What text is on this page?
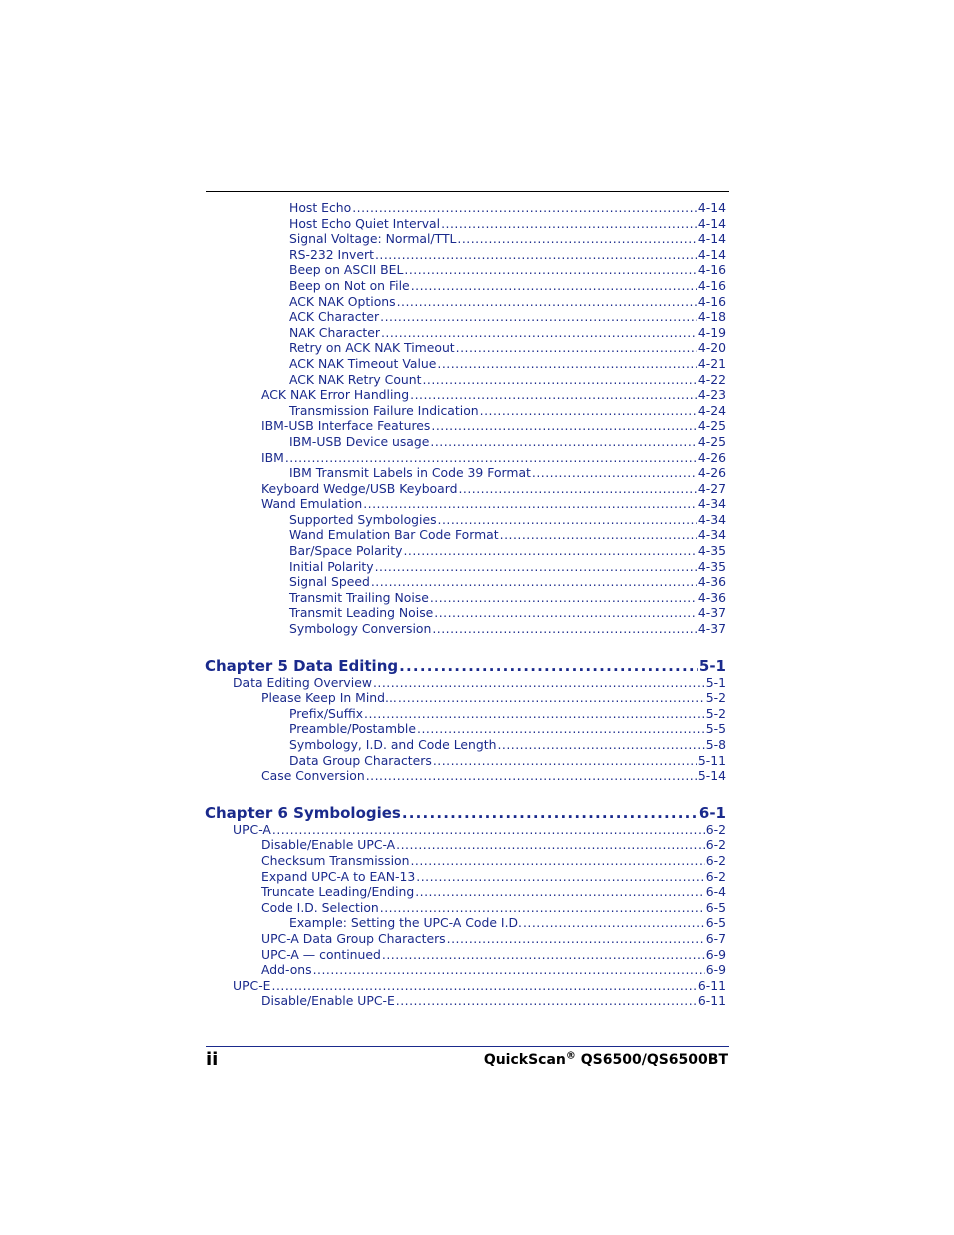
Host Echo .....	4-14
Host Echo Quiet Interval .....	4-14
Signal Voltage: Normal/TTL .....	4-14
RS-232 Invert .....	4-14
Beep on ASCII BEL .....	4-16
Beep on Not on File .....	4-16
ACK NAK Options .....	4-16
ACK Character .....	4-18
NAK Character .....	4-19
Retry on ACK NAK Timeout .....	4-20
ACK NAK Timeout Value .....	4-21
ACK NAK Retry Count .....	4-22
ACK NAK Error Handling .....	4-23
Transmission Failure Indication .....	4-24
IBM-USB Interface Features .....	4-25
IBM-USB Device usage .....	4-25
IBM .....	4-26
IBM Transmit Labels in Code 39 Format .....	4-26
Keyboard Wedge/USB Keyboard .....	4-27
Wand Emulation .....	4-34
Supported Symbologies .....	4-34
Wand Emulation Bar Code Format .....	4-34
Bar/Space Polarity .....	4-35
Initial Polarity .....	4-35
Signal Speed .....	4-36
Transmit Trailing Noise .....	4-36
Transmit Leading Noise .....	4-37
Symbology Conversion .....	4-37
Chapter 5 Data Editing .....	5-1
Data Editing Overview .....	5-1
Please Keep In Mind... .....	5-2
Prefix/Suffix .....	5-2
Preamble/Postamble .....	5-5
Symbology, I.D. and Code Length .....	5-8
Data Group Characters .....	5-11
Case Conversion .....	5-14
Chapter 6 Symbologies .....	6-1
UPC-A .....	6-2
Disable/Enable UPC-A .....	6-2
Checksum Transmission .....	6-2
Expand UPC-A to EAN-13 .....	6-2
Truncate Leading/Ending .....	6-4
Code I.D. Selection .....	6-5
Example: Setting the UPC-A Code I.D. .....	6-5
UPC-A Data Group Characters .....	6-7
UPC-A — continued .....	6-9
Add-ons .....	6-9
UPC-E .....	6-11
Disable/Enable UPC-E .....	6-11
ii	QuickScan® QS6500/QS6500BT
